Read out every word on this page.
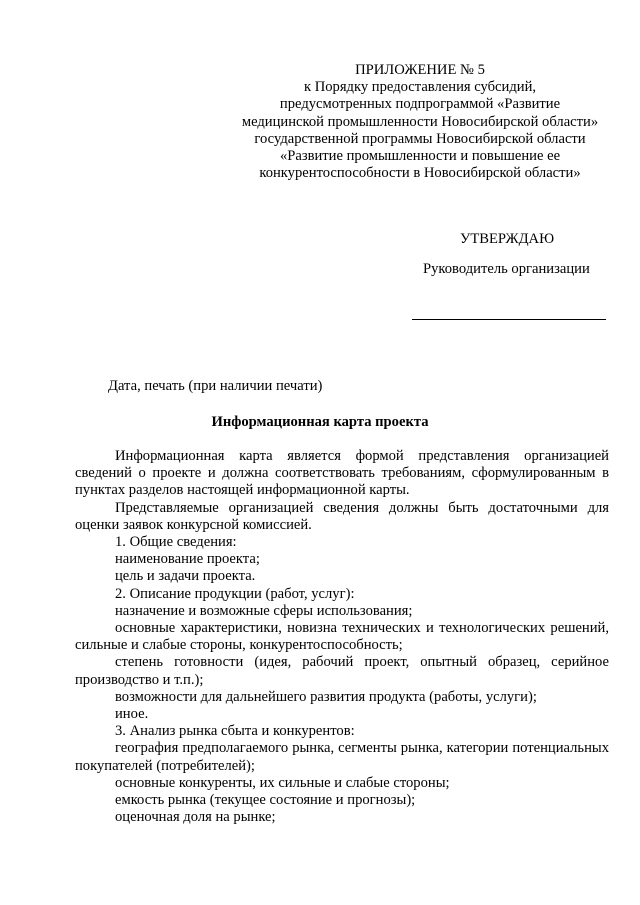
ПРИЛОЖЕНИЕ № 5
к Порядку предоставления субсидий,
предусмотренных подпрограммой «Развитие
медицинской промышленности Новосибирской области»
государственной программы Новосибирской области
«Развитие промышленности и повышение ее
конкурентоспособности в Новосибирской области»
УТВЕРЖДАЮ
Руководитель организации
Дата, печать (при наличии печати)
Информационная карта проекта

Информационная карта является формой представления организацией сведений о проекте и должна соответствовать требованиям, сформулированным в пунктах разделов настоящей информационной карты.

Представляемые организацией сведения должны быть достаточными для оценки заявок конкурсной комиссией.

1. Общие сведения:

наименование проекта;

цель и задачи проекта.

2. Описание продукции (работ, услуг):

назначение и возможные сферы использования;

основные характеристики, новизна технических и технологических решений, сильные и слабые стороны, конкурентоспособность;

степень готовности (идея, рабочий проект, опытный образец, серийное производство и т.п.);

возможности для дальнейшего развития продукта (работы, услуги);

иное.

3. Анализ рынка сбыта и конкурентов:

география предполагаемого рынка, сегменты рынка, категории потенциальных покупателей (потребителей);

основные конкуренты, их сильные и слабые стороны;

емкость рынка (текущее состояние и прогнозы);

оценочная доля на рынке;
